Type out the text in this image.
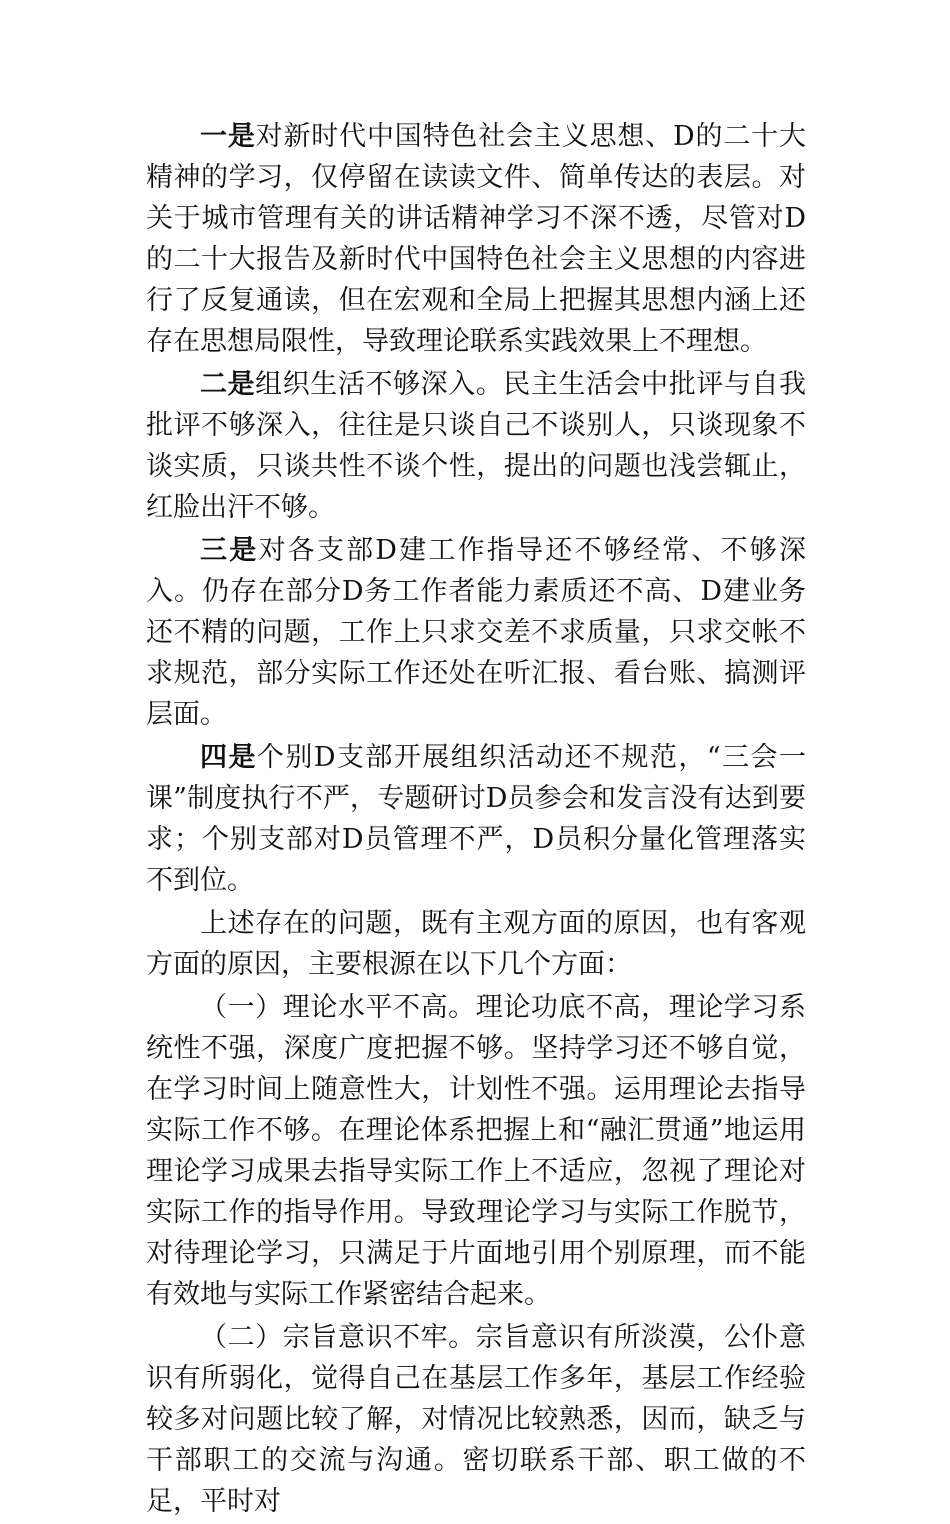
一是对新时代中国特色社会主义思想、D的二十大精神的学习，仅停留在读读文件、简单传达的表层。对关于城市管理有关的讲话精神学习不深不透，尽管对D的二十大报告及新时代中国特色社会主义思想的内容进行了反复通读，但在宏观和全局上把握其思想内涵上还存在思想局限性，导致理论联系实践效果上不理想。

二是组织生活不够深入。民主生活会中批评与自我批评不够深入，往往是只谈自己不谈别人，只谈现象不谈实质，只谈共性不谈个性，提出的问题也浅尝辄止，红脸出汗不够。

三是对各支部D建工作指导还不够经常、不够深入。仍存在部分D务工作者能力素质还不高、D建业务还不精的问题，工作上只求交差不求质量，只求交帐不求规范，部分实际工作还处在听汇报、看台账、搞测评层面。

四是个别D支部开展组织活动还不规范，“三会一课”制度执行不严，专题研讨D员参会和发言没有达到要求；个别支部对D员管理不严，D员积分量化管理落实不到位。

上述存在的问题，既有主观方面的原因，也有客观方面的原因，主要根源在以下几个方面：

（一）理论水平不高。理论功底不高，理论学习系统性不强，深度广度把握不够。坚持学习还不够自觉，在学习时间上随意性大，计划性不强。运用理论去指导实际工作不够。在理论体系把握上和“融汇贯通”地运用理论学习成果去指导实际工作上不适应，忽视了理论对实际工作的指导作用。导致理论学习与实际工作脱节，对待理论学习，只满足于片面地引用个别原理，而不能有效地与实际工作紧密结合起来。

（二）宗旨意识不牢。宗旨意识有所淡漠，公仆意识有所弱化，觉得自己在基层工作多年，基层工作经验较多对问题比较了解，对情况比较熟悉，因而，缺乏与干部职工的交流与沟通。密切联系干部、职工做的不足，平时对
